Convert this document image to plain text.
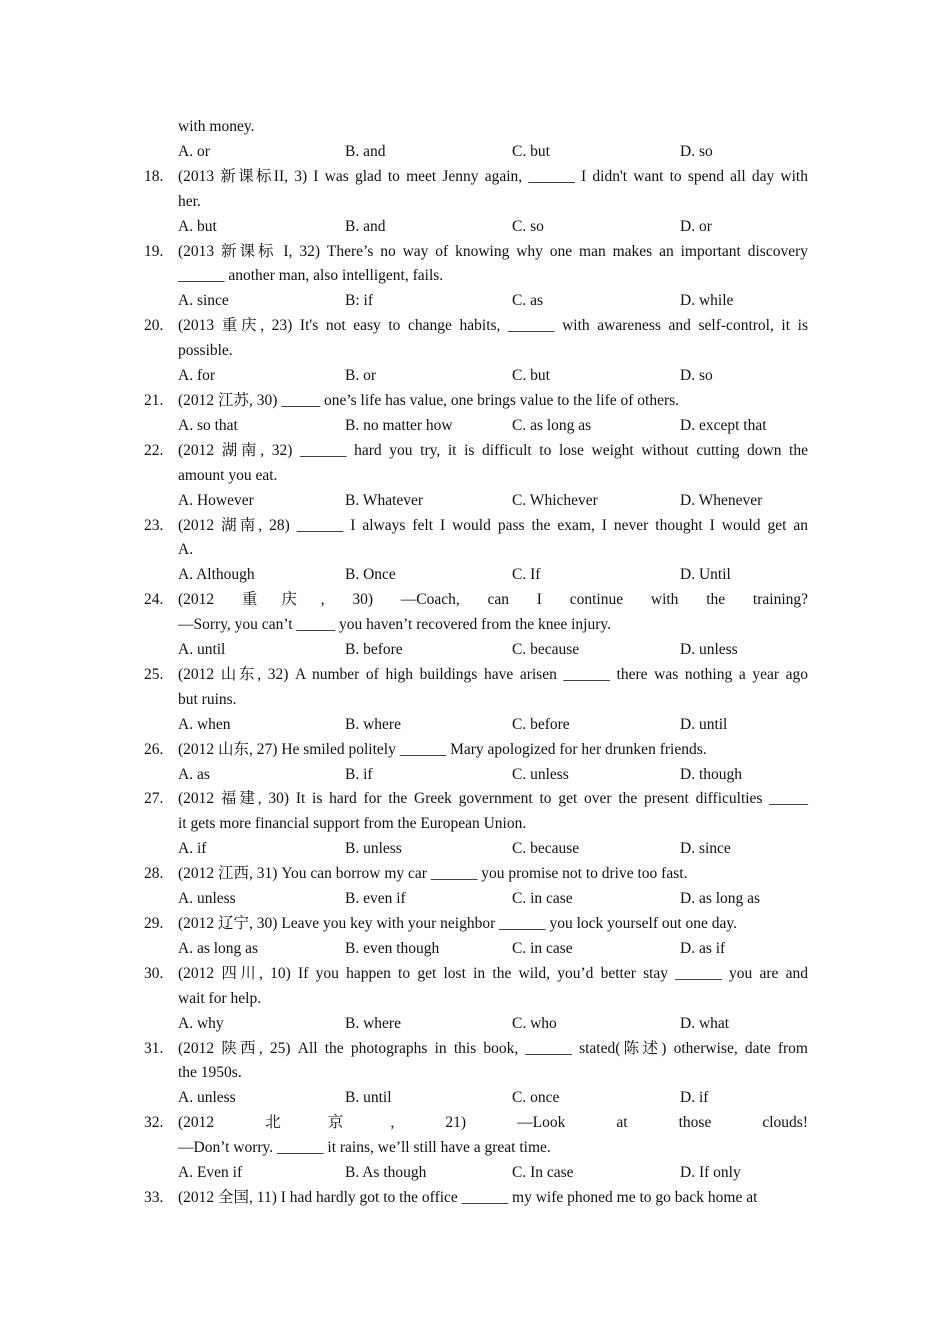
with money.
A. or	B. and	C. but	D. so
18. (2013 新课标II, 3) I was glad to meet Jenny again, ______ I didn't want to spend all day with
her.
A. but	B. and	C. so	D. or
19. (2013 新课标 I, 32) There’s no way of knowing why one man makes an important discovery
______ another man, also intelligent, fails.
A. since	B: if	C. as	D. while
20. (2013 重庆, 23) It's not easy to change habits, ______ with awareness and self-control, it is
possible.
A. for	B. or	C. but	D. so
21. (2012 江苏, 30) _____ one’s life has value, one brings value to the life of others.
A. so that	B. no matter how	C. as long as	D. except that
22. (2012 湖南, 32) ______ hard you try, it is difficult to lose weight without cutting down the
amount you eat.
A. However	B. Whatever	C. Whichever	D. Whenever
23. (2012 湖南, 28) ______ I always felt I would pass the exam, I never thought I would get an
A.
A. Although	B. Once	C. If	D. Until
24. (2012 重庆, 30) —Coach, can I continue with the training?
—Sorry, you can’t _____ you haven’t recovered from the knee injury.
A. until	B. before	C. because	D. unless
25. (2012 山东, 32) A number of high buildings have arisen ______ there was nothing a year ago
but ruins.
A. when	B. where	C. before	D. until
26. (2012 山东, 27) He smiled politely ______ Mary apologized for her drunken friends.
A. as	B. if	C. unless	D. though
27. (2012 福建, 30) It is hard for the Greek government to get over the present difficulties _____
it gets more financial support from the European Union.
A. if	B. unless	C. because	D. since
28. (2012 江西, 31) You can borrow my car ______ you promise not to drive too fast.
A. unless	B. even if	C. in case	D. as long as
29. (2012 辽宁, 30) Leave you key with your neighbor ______ you lock yourself out one day.
A. as long as	B. even though	C. in case	D. as if
30. (2012 四川, 10) If you happen to get lost in the wild, you’d better stay ______ you are and
wait for help.
A. why	B. where	C. who	D. what
31. (2012 陕西, 25) All the photographs in this book, ______ stated(陈述) otherwise, date from
the 1950s.
A. unless	B. until	C. once	D. if
32. (2012 北京, 21) —Look at those clouds!
—Don’t worry. ______ it rains, we’ll still have a great time.
A. Even if	B. As though	C. In case	D. If only
33. (2012 全国, 11) I had hardly got to the office ______ my wife phoned me to go back home at
